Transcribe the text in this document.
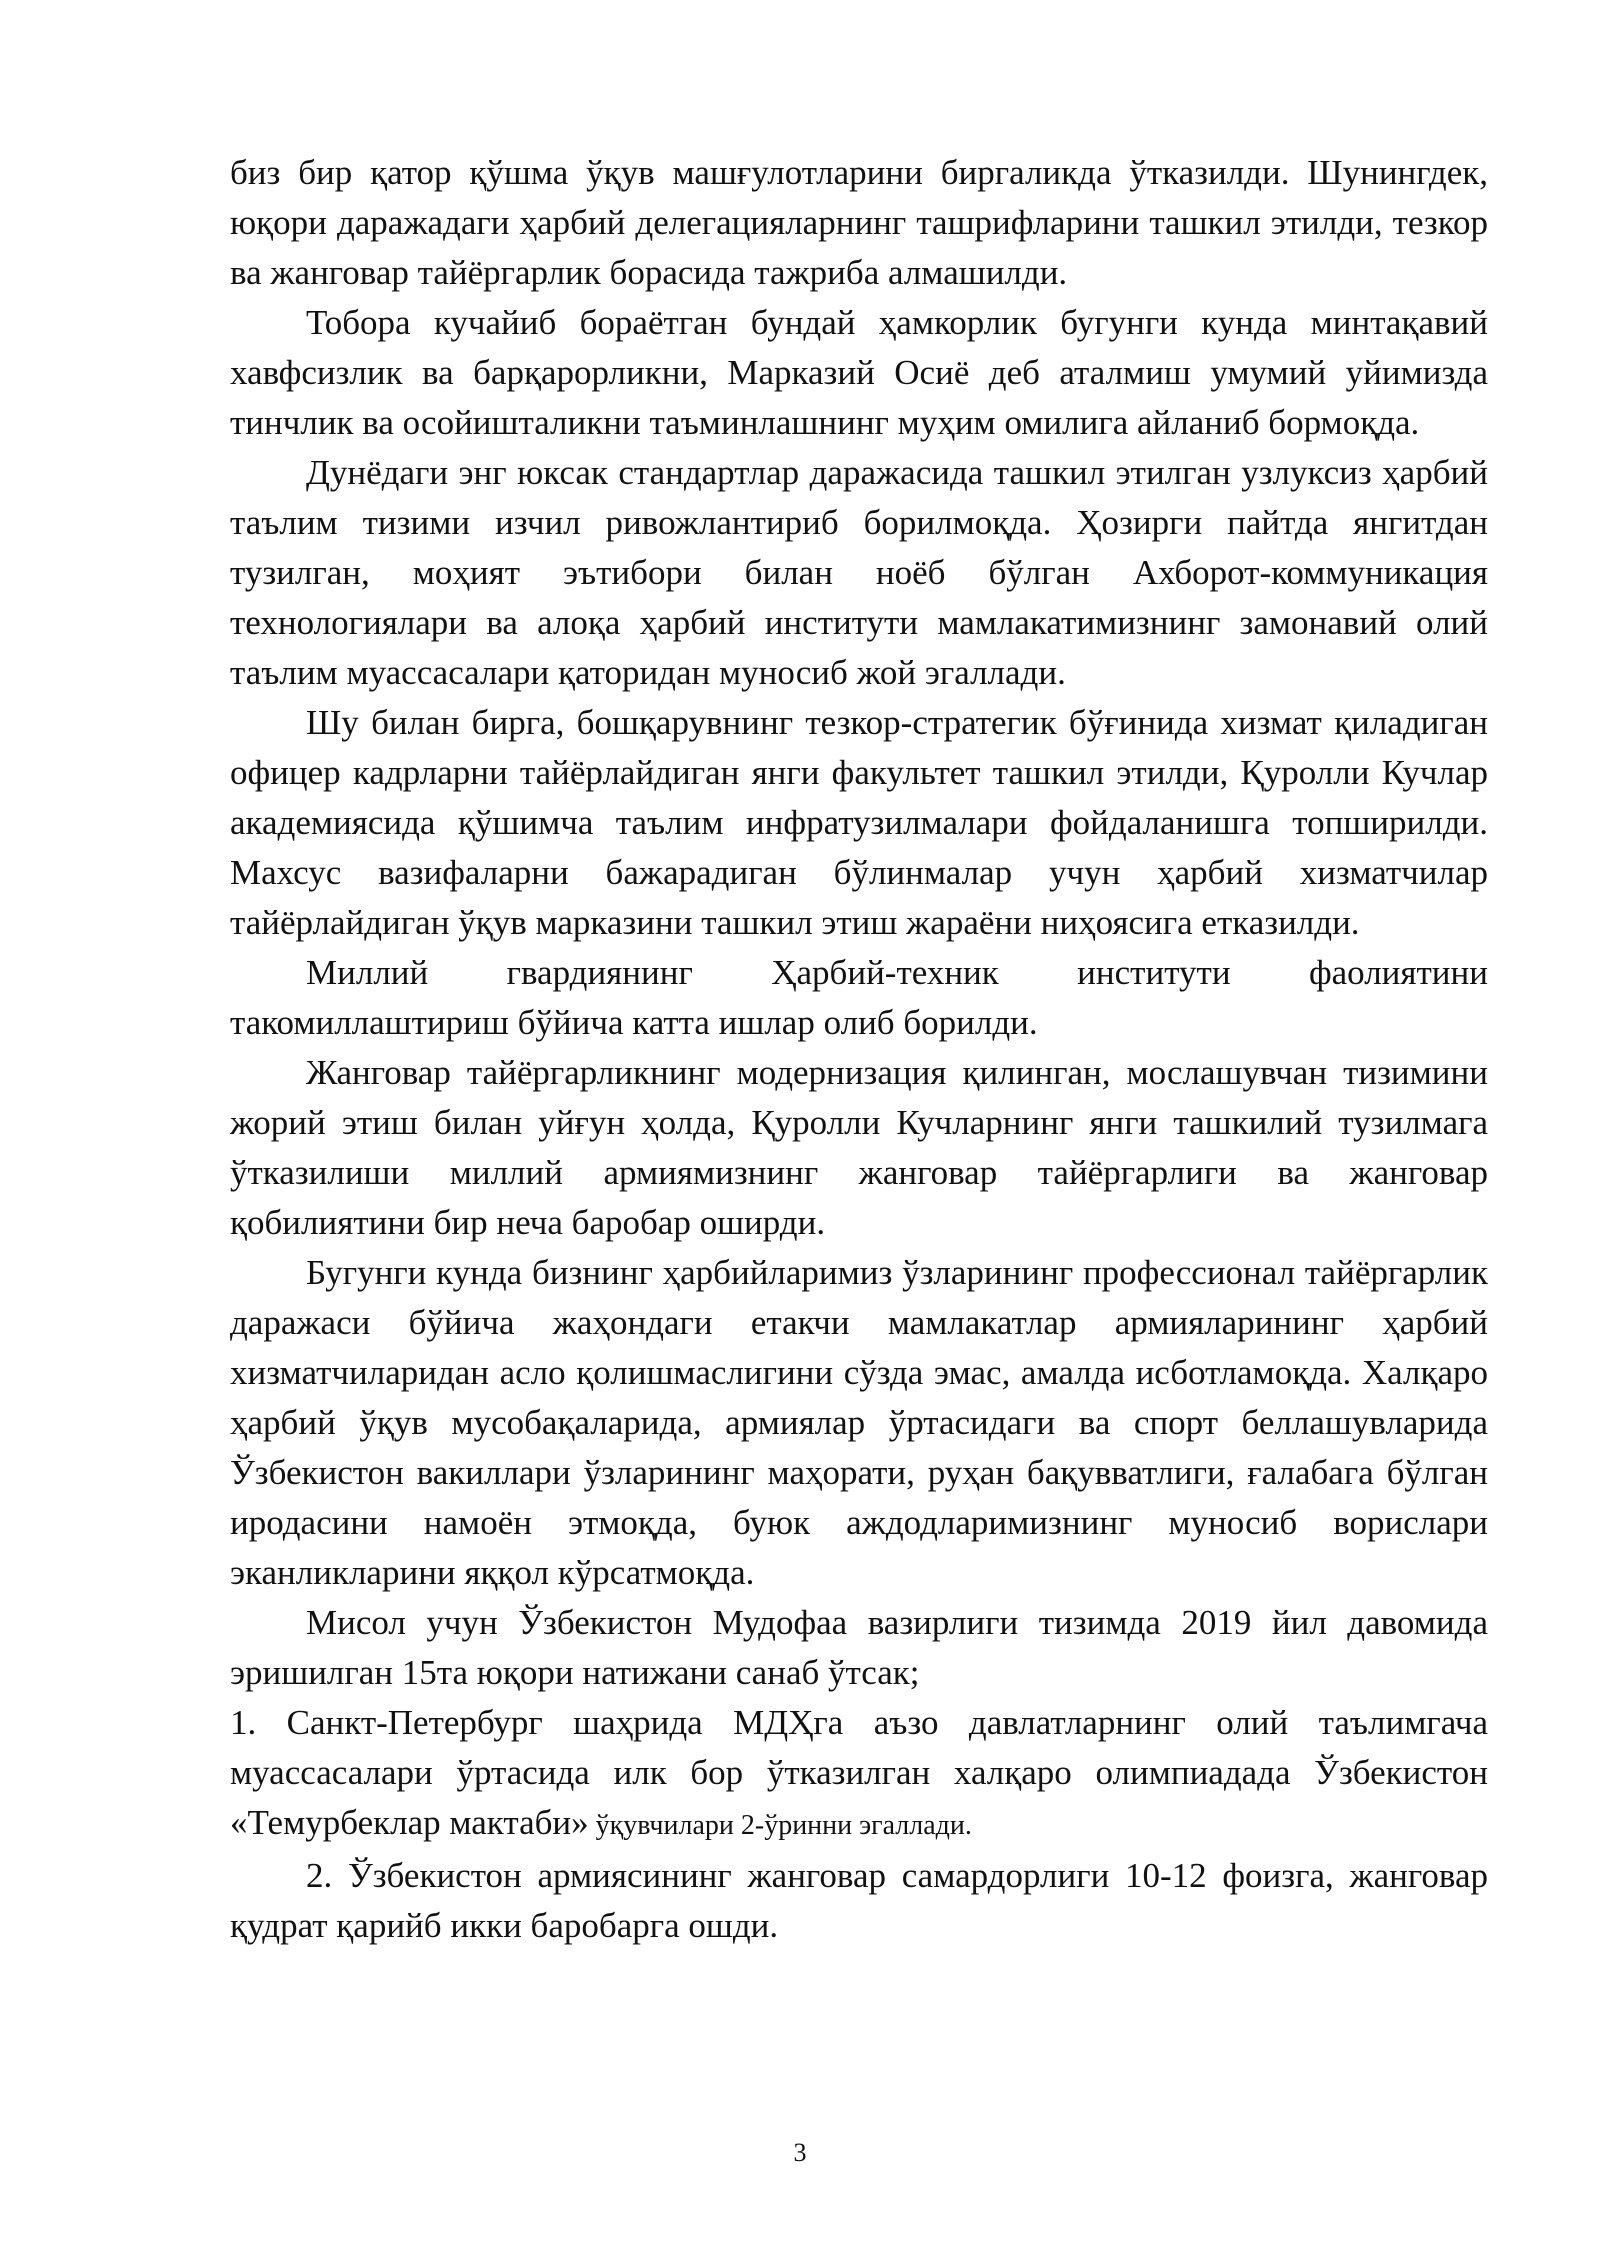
биз бир қатор қўшма ўқув машғулотларини биргаликда ўтказилди. Шунингдек, юқори даражадаги ҳарбий делегацияларнинг ташрифларини ташкил этилди, тезкор ва жанговар тайёргарлик борасида тажриба алмашилди.

Тобора кучайиб бораётган бундай ҳамкорлик бугунги кунда минтақавий хавфсизлик ва барқарорликни, Марказий Осиё деб аталмиш умумий уйимизда тинчлик ва осойишталикни таъминлашнинг муҳим омилига айланиб бормоқда.

Дунёдаги энг юксак стандартлар даражасида ташкил этилган узлуксиз ҳарбий таълим тизими изчил ривожлантириб борилмоқда. Ҳозирги пайтда янгитдан тузилган, моҳият эътибори билан ноёб бўлган Ахборот-коммуникация технологиялари ва алоқа ҳарбий институти мамлакатимизнинг замонавий олий таълим муассасалари қаторидан муносиб жой эгаллади.

Шу билан бирга, бошқарувнинг тезкор-стратегик бўғинида хизмат қиладиган офицер кадрларни тайёрлайдиган янги факультет ташкил этилди, Қуролли Кучлар академиясида қўшимча таълим инфратузилмалари фойдаланишга топширилди. Махсус вазифаларни бажарадиган бўлинмалар учун ҳарбий хизматчилар тайёрлайдиган ўқув марказини ташкил этиш жараёни ниҳоясига етказилди.

Миллий гвардиянинг Ҳарбий-техник институти фаолиятини такомиллаштириш бўйича катта ишлар олиб борилди.

Жанговар тайёргарликнинг модернизация қилинган, мослашувчан тизимини жорий этиш билан уйғун ҳолда, Қуролли Кучларнинг янги ташкилий тузилмага ўтказилиши миллий армиямизнинг жанговар тайёргарлиги ва жанговар қобилиятини бир неча баробар оширди.

Бугунги кунда бизнинг ҳарбийларимиз ўзларининг профессионал тайёргарлик даражаси бўйича жаҳондаги етакчи мамлакатлар армияларининг ҳарбий хизматчиларидан асло қолишмаслигини сўзда эмас, амалда исботламоқда. Халқаро ҳарбий ўқув мусобақаларида, армиялар ўртасидаги ва спорт беллашувларида Ўзбекистон вакиллари ўзларининг маҳорати, руҳан бақувватлиги, ғалабага бўлган иродасини намоён этмоқда, буюк аждодларимизнинг муносиб ворислари эканликларини яққол кўрсатмоқда.

Мисол учун Ўзбекистон Мудофаа вазирлиги тизимда 2019 йил давомида эришилган 15та юқори натижани санаб ўтсак;

1. Санкт-Петербург шаҳрида МДҲга аъзо давлатларнинг олий таълимгача муассасалари ўртасида илк бор ўтказилган халқаро олимпиадада Ўзбекистон «Темурбеклар мактаби» ўқувчилари 2-ўринни эгаллади.

2. Ўзбекистон армиясининг жанговар самардорлиги 10-12 фоизга, жанговар қудрат қарийб икки баробарга ошди.

3
